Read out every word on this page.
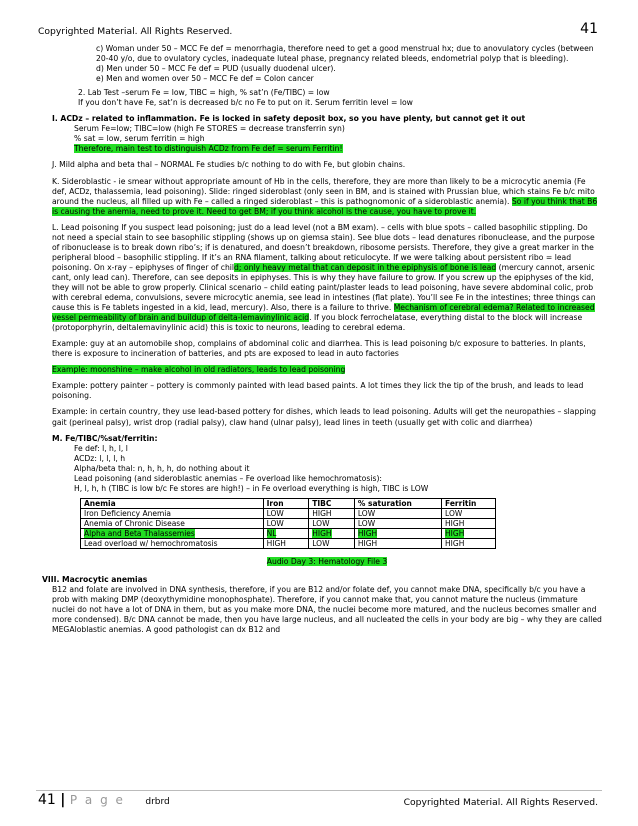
Copyrighted Material. All Rights Reserved.	41

c) Woman under 50 – MCC Fe def = menorrhagia, therefore need to get a good menstrual hx; due to anovulatory cycles (between 20-40 y/o, due to ovulatory cycles, inadequate luteal phase, pregnancy related bleeds, endometrial polyp that is bleeding).

d) Men under 50 – MCC Fe def = PUD (usually duodenal ulcer).

e) Men and women over 50 – MCC Fe def = Colon cancer

2. Lab Test –serum Fe = low, TIBC = high, % sat’n (Fe/TIBC) = low

If you don’t have Fe, sat’n is decreased b/c no Fe to put on it. Serum ferritin level = low

I. ACDz – related to inflammation. Fe is locked in safety deposit box, so you have plenty, but cannot get it out

Serum Fe=low; TIBC=low (high Fe STORES = decrease transferrin syn)

% sat = low, serum ferritin = high

Therefore, main test to distinguish ACDz from Fe def = serum Ferritin!

J. Mild alpha and beta thal – NORMAL Fe studies b/c nothing to do with Fe, but globin chains.

K. Sideroblastic - ie smear without appropriate amount of Hb in the cells, therefore, they are more than likely to be a microcytic anemia (Fe def, ACDz, thalassemia, lead poisoning). Slide: ringed sideroblast (only seen in BM, and is stained with Prussian blue, which stains Fe b/c mito around the nucleus, all filled up with Fe – called a ringed sideroblast – this is pathognomonic of a sideroblastic anemia). So if you think that B6 is causing the anemia, need to prove it. Need to get BM; if you think alcohol is the cause, you have to prove it.

L. Lead poisoning If you suspect lead poisoning; just do a lead level (not a BM exam). – cells with blue spots – called basophilic stippling. Do not need a special stain to see basophilic stippling (shows up on giemsa stain). See blue dots – lead denatures ribonuclease, and the purpose of ribonuclease is to break down ribo’s; if is denatured, and doesn’t breakdown, ribosome persists. Therefore, they give a great marker in the peripheral blood – basophilic stippling. If it’s an RNA filament, talking about reticulocyte. If we were talking about persistent ribo = lead poisoning. On x-ray – epiphyses of finger of child; only heavy metal that can deposit in the epiphysis of bone is lead (mercury cannot, arsenic cant, only lead can). Therefore, can see deposits in epiphyses. This is why they have failure to grow. If you screw up the epiphyses of the kid, they will not be able to grow properly. Clinical scenario – child eating paint/plaster leads to lead poisoning, have severe abdominal colic, prob with cerebral edema, convulsions, severe microcytic anemia, see lead in intestines (flat plate). You’ll see Fe in the intestines; three things can cause this is Fe tablets ingested in a kid, lead, mercury). Also, there is a failure to thrive. Mechanism of cerebral edema? Related to increased vessel permeability of brain and buildup of delta-lemavinylinic acid. If you block ferrochelatase, everything distal to the block will increase (protoporphyrin, deltalemavinylinic acid) this is toxic to neurons, leading to cerebral edema.

Example: guy at an automobile shop, complains of abdominal colic and diarrhea. This is lead poisoning b/c exposure to batteries. In plants, there is exposure to incineration of batteries, and pts are exposed to lead in auto factories

Example: moonshine – make alcohol in old radiators, leads to lead poisoning

Example: pottery painter – pottery is commonly painted with lead based paints. A lot times they lick the tip of the brush, and leads to lead poisoning.

Example: in certain country, they use lead-based pottery for dishes, which leads to lead poisoning. Adults will get the neuropathies – slapping gait (perineal palsy), wrist drop (radial palsy), claw hand (ulnar palsy), lead lines in teeth (usually get with colic and diarrhea)

M. Fe/TIBC/%sat/ferritin:

Fe def: l, h, l, l

ACDz: l, l, l, h

Alpha/beta thal: n, h, h, h, do nothing about it

Lead poisoning (and sideroblastic anemias – Fe overload like hemochromatosis):

H, l, h, h (TIBC is low b/c Fe stores are high!) – in Fe overload everything is high, TIBC is LOW

Anemia	Iron	TIBC	% saturation	Ferritin
Iron Deficiency Anemia	LOW	HIGH	LOW	LOW
Anemia of Chronic Disease	LOW	LOW	LOW	HIGH
Alpha and Beta Thalassemies	NL	HIGH	HIGH	HIGH
Lead overload w/ hemochromatosis	HIGH	LOW	HIGH	HIGH

Audio Day 3: Hematology File 3

VIII. Macrocytic anemias

B12 and folate are involved in DNA synthesis, therefore, if you are B12 and/or folate def, you cannot make DNA, specifically b/c you have a prob with making DMP (deoxythymidine monophosphate). Therefore, if you cannot make that, you cannot mature the nucleus (immature nuclei do not have a lot of DNA in them, but as you make more DNA, the nuclei become more matured, and the nucleus becomes smaller and more condensed). B/c DNA cannot be made, then you have large nucleus, and all nucleated the cells in your body are big – why they are called MEGAloblastic anemias. A good pathologist can dx B12 and

41 | P a g e drbrd	Copyrighted Material. All Rights Reserved.
